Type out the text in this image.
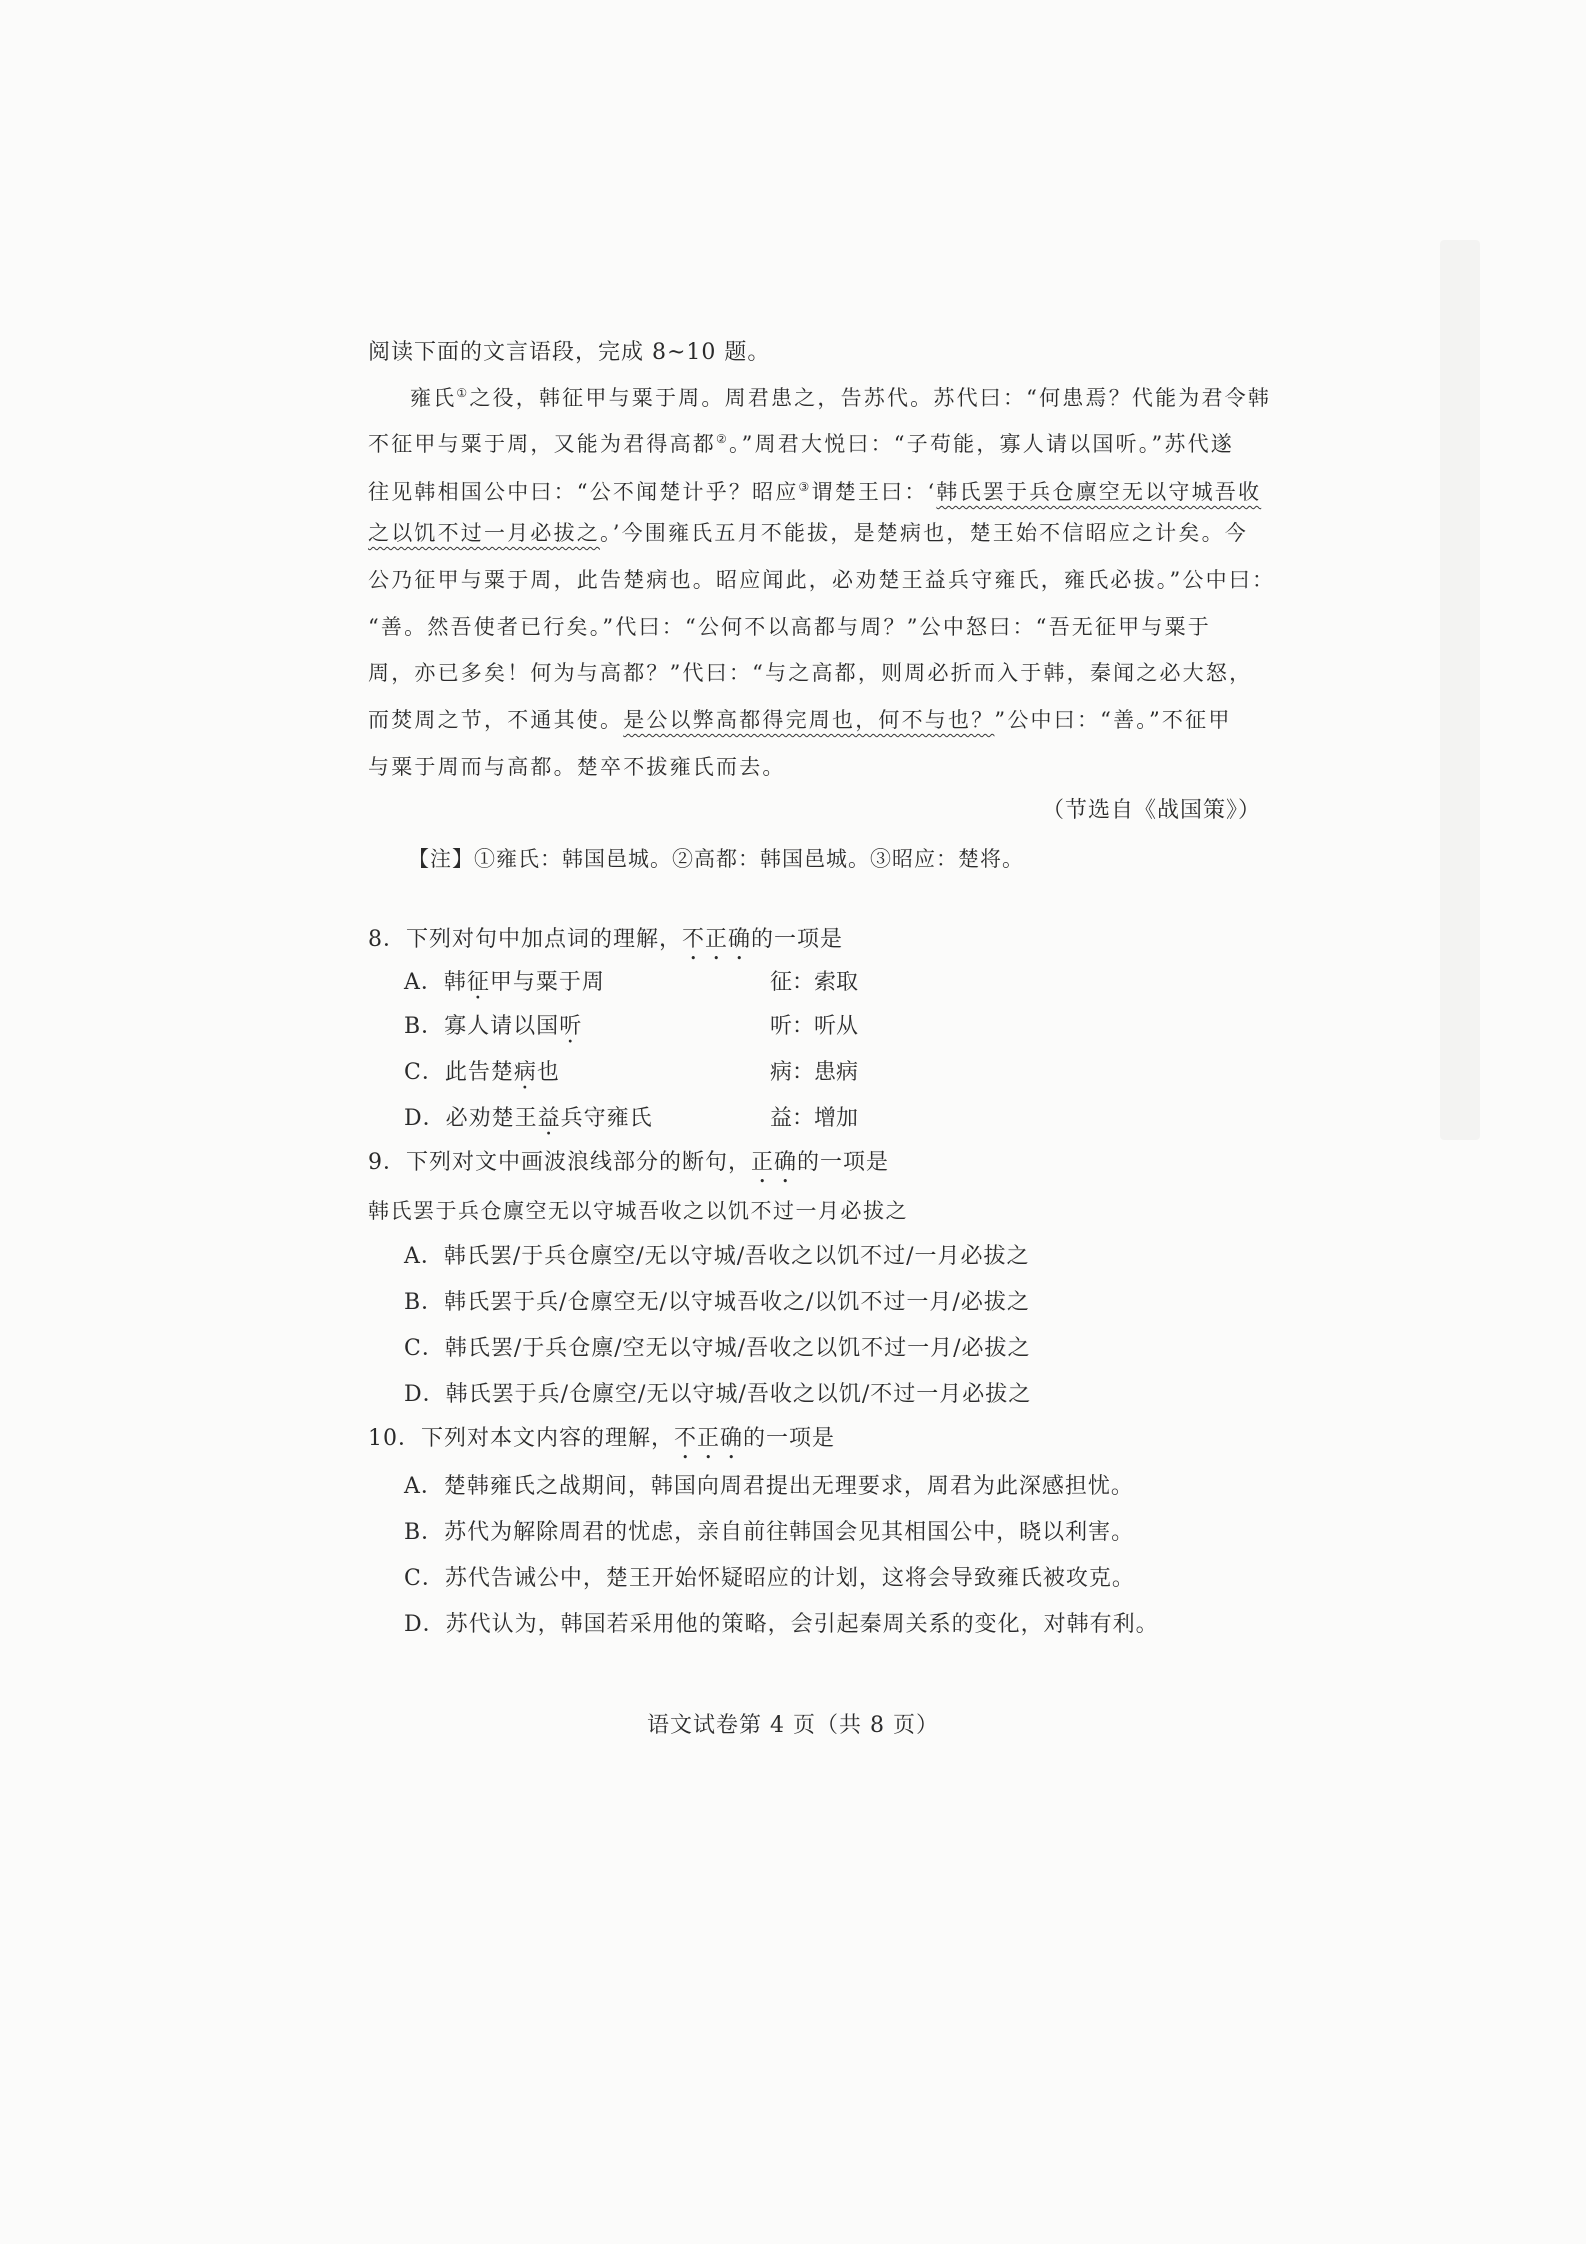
阅读下面的文言语段，完成 8~10 题。
雍氏①之役，韩征甲与粟于周。周君患之，告苏代。苏代曰：“何患焉？代能为君令韩
不征甲与粟于周，又能为君得高都②。”周君大悦曰：“子苟能，寡人请以国听。”苏代遂
往见韩相国公中曰：“公不闻楚计乎？昭应③谓楚王曰：‘韩氏罢于兵仓廪空无以守城吾收
之以饥不过一月必拔之。’今围雍氏五月不能拔，是楚病也，楚王始不信昭应之计矣。今
公乃征甲与粟于周，此告楚病也。昭应闻此，必劝楚王益兵守雍氏，雍氏必拔。”公中曰：
“善。然吾使者已行矣。”代曰：“公何不以高都与周？”公中怒曰：“吾无征甲与粟于
周，亦已多矣！何为与高都？”代曰：“与之高都，则周必折而入于韩，秦闻之必大怒，
而焚周之节，不通其使。是公以弊高都得完周也，何不与也？”公中曰：“善。”不征甲
与粟于周而与高都。楚卒不拔雍氏而去。
（节选自《战国策》）
【注】①雍氏：韩国邑城。②高都：韩国邑城。③昭应：楚将。
8．下列对句中加点词的理解，不正确的一项是
A．韩征甲与粟于周	征：索取
B．寡人请以国听	听：听从
C．此告楚病也	病：患病
D．必劝楚王益兵守雍氏	益：增加
9．下列对文中画波浪线部分的断句，正确的一项是
韩氏罢于兵仓廪空无以守城吾收之以饥不过一月必拔之
A．韩氏罢/于兵仓廪空/无以守城/吾收之以饥不过/一月必拔之
B．韩氏罢于兵/仓廪空无/以守城吾收之/以饥不过一月/必拔之
C．韩氏罢/于兵仓廪/空无以守城/吾收之以饥不过一月/必拔之
D．韩氏罢于兵/仓廪空/无以守城/吾收之以饥/不过一月必拔之
10．下列对本文内容的理解，不正确的一项是
A．楚韩雍氏之战期间，韩国向周君提出无理要求，周君为此深感担忧。
B．苏代为解除周君的忧虑，亲自前往韩国会见其相国公中，晓以利害。
C．苏代告诫公中，楚王开始怀疑昭应的计划，这将会导致雍氏被攻克。
D．苏代认为，韩国若采用他的策略，会引起秦周关系的变化，对韩有利。
语文试卷第 4 页（共 8 页）
